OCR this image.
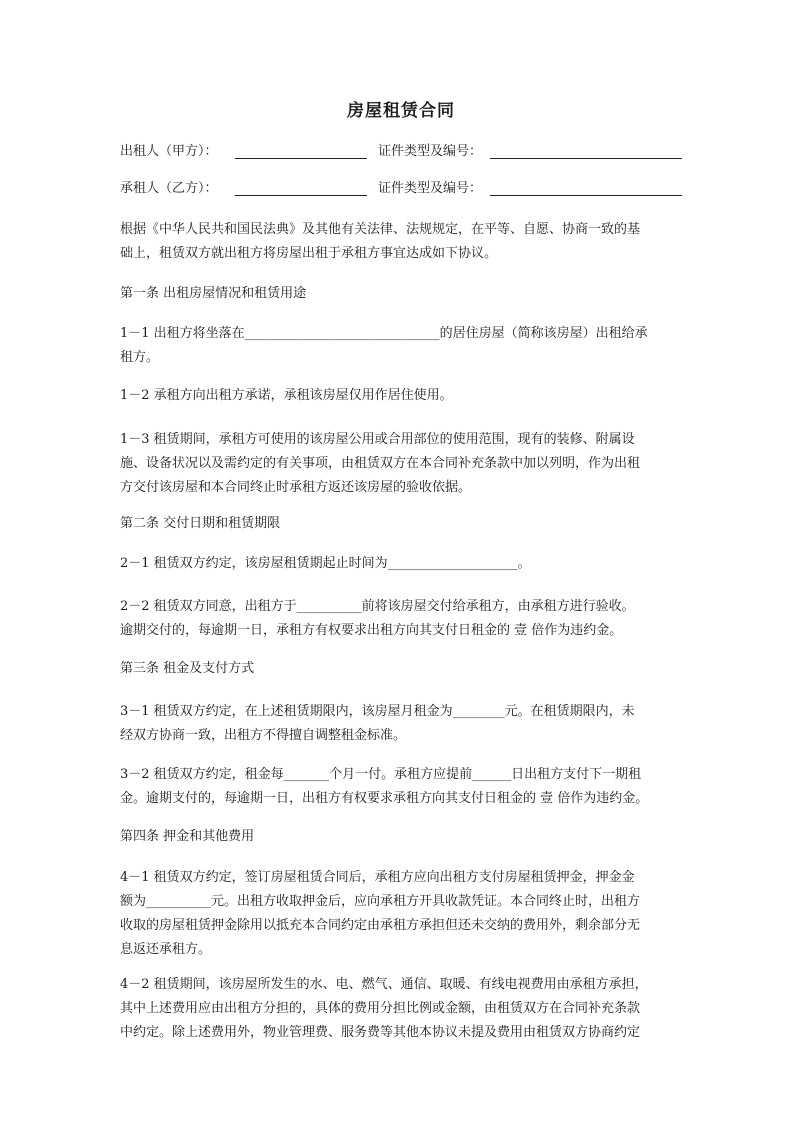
房屋租赁合同
出租人（甲方）：	证件类型及编号：
承租人（乙方）：	证件类型及编号：
根据《中华人民共和国民法典》及其他有关法律、法规规定，在平等、自愿、协商一致的基
础上，租赁双方就出租方将房屋出租于承租方事宜达成如下协议。
第一条 出租房屋情况和租赁用途
1－1 出租方将坐落在______________________________的居住房屋（简称该房屋）出租给承
租方。
1－2 承租方向出租方承诺，承租该房屋仅用作居住使用。
1－3 租赁期间，承租方可使用的该房屋公用或合用部位的使用范围，现有的装修、附属设
施、设备状况以及需约定的有关事项，由租赁双方在本合同补充条款中加以列明，作为出租
方交付该房屋和本合同终止时承租方返还该房屋的验收依据。
第二条 交付日期和租赁期限
2－1 租赁双方约定，该房屋租赁期起止时间为____________________。
2－2 租赁双方同意，出租方于__________前将该房屋交付给承租方，由承租方进行验收。
逾期交付的，每逾期一日，承租方有权要求出租方向其支付日租金的 壹 倍作为违约金。
第三条 租金及支付方式
3－1 租赁双方约定，在上述租赁期限内，该房屋月租金为________元。在租赁期限内，未
经双方协商一致，出租方不得擅自调整租金标准。
3－2 租赁双方约定，租金每_______个月一付。承租方应提前______日出租方支付下一期租
金。逾期支付的，每逾期一日，出租方有权要求承租方向其支付日租金的 壹 倍作为违约金。
第四条 押金和其他费用
4－1 租赁双方约定，签订房屋租赁合同后，承租方应向出租方支付房屋租赁押金，押金金
额为__________元。出租方收取押金后，应向承租方开具收款凭证。本合同终止时，出租方
收取的房屋租赁押金除用以抵充本合同约定由承租方承担但还未交纳的费用外，剩余部分无
息返还承租方。
4－2 租赁期间，该房屋所发生的水、电、燃气、通信、取暖、有线电视费用由承租方承担，
其中上述费用应由出租方分担的，具体的费用分担比例或金额，由租赁双方在合同补充条款
中约定。除上述费用外，物业管理费、服务费等其他本协议未提及费用由租赁双方协商约定
